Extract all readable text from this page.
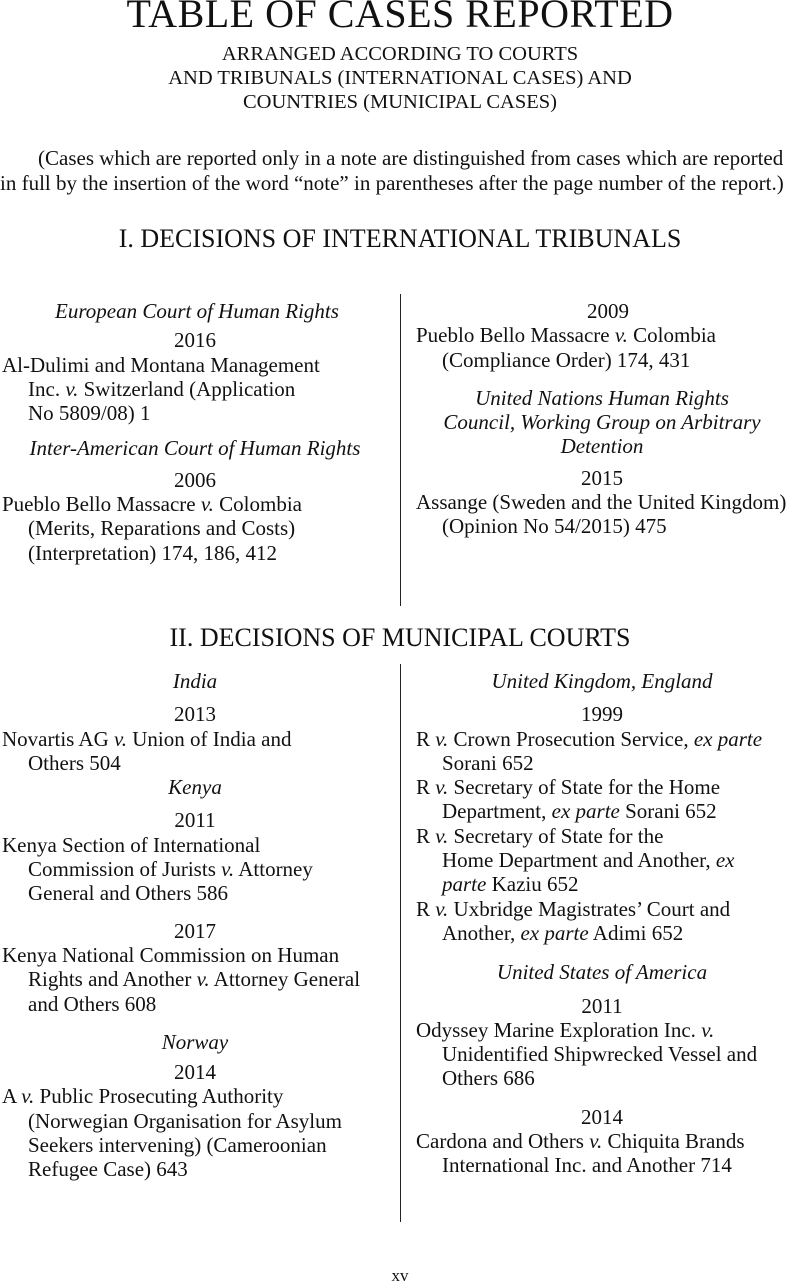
TABLE OF CASES REPORTED
ARRANGED ACCORDING TO COURTS
AND TRIBUNALS (INTERNATIONAL CASES) AND
COUNTRIES (MUNICIPAL CASES)
(Cases which are reported only in a note are distinguished from cases which are reported
in full by the insertion of the word “note” in parentheses after the page number of the report.)
I. DECISIONS OF INTERNATIONAL TRIBUNALS
European Court of Human Rights
2016
Al-Dulimi and Montana Management
Inc. v. Switzerland (Application
No 5809/08) 1
Inter-American Court of Human Rights
2006
Pueblo Bello Massacre v. Colombia
(Merits, Reparations and Costs)
(Interpretation) 174, 186, 412
2009
Pueblo Bello Massacre v. Colombia
(Compliance Order) 174, 431
United Nations Human Rights
Council, Working Group on Arbitrary
Detention
2015
Assange (Sweden and the United Kingdom)
(Opinion No 54/2015) 475
II. DECISIONS OF MUNICIPAL COURTS
India
2013
Novartis AG v. Union of India and
Others 504
Kenya
2011
Kenya Section of International
Commission of Jurists v. Attorney
General and Others 586
2017
Kenya National Commission on Human
Rights and Another v. Attorney General
and Others 608
Norway
2014
A v. Public Prosecuting Authority
(Norwegian Organisation for Asylum
Seekers intervening) (Cameroonian
Refugee Case) 643
United Kingdom, England
1999
R v. Crown Prosecution Service, ex parte
Sorani 652
R v. Secretary of State for the Home
Department, ex parte Sorani 652
R v. Secretary of State for the
Home Department and Another, ex
parte Kaziu 652
R v. Uxbridge Magistrates’ Court and
Another, ex parte Adimi 652
United States of America
2011
Odyssey Marine Exploration Inc. v.
Unidentified Shipwrecked Vessel and
Others 686
2014
Cardona and Others v. Chiquita Brands
International Inc. and Another 714
xv
